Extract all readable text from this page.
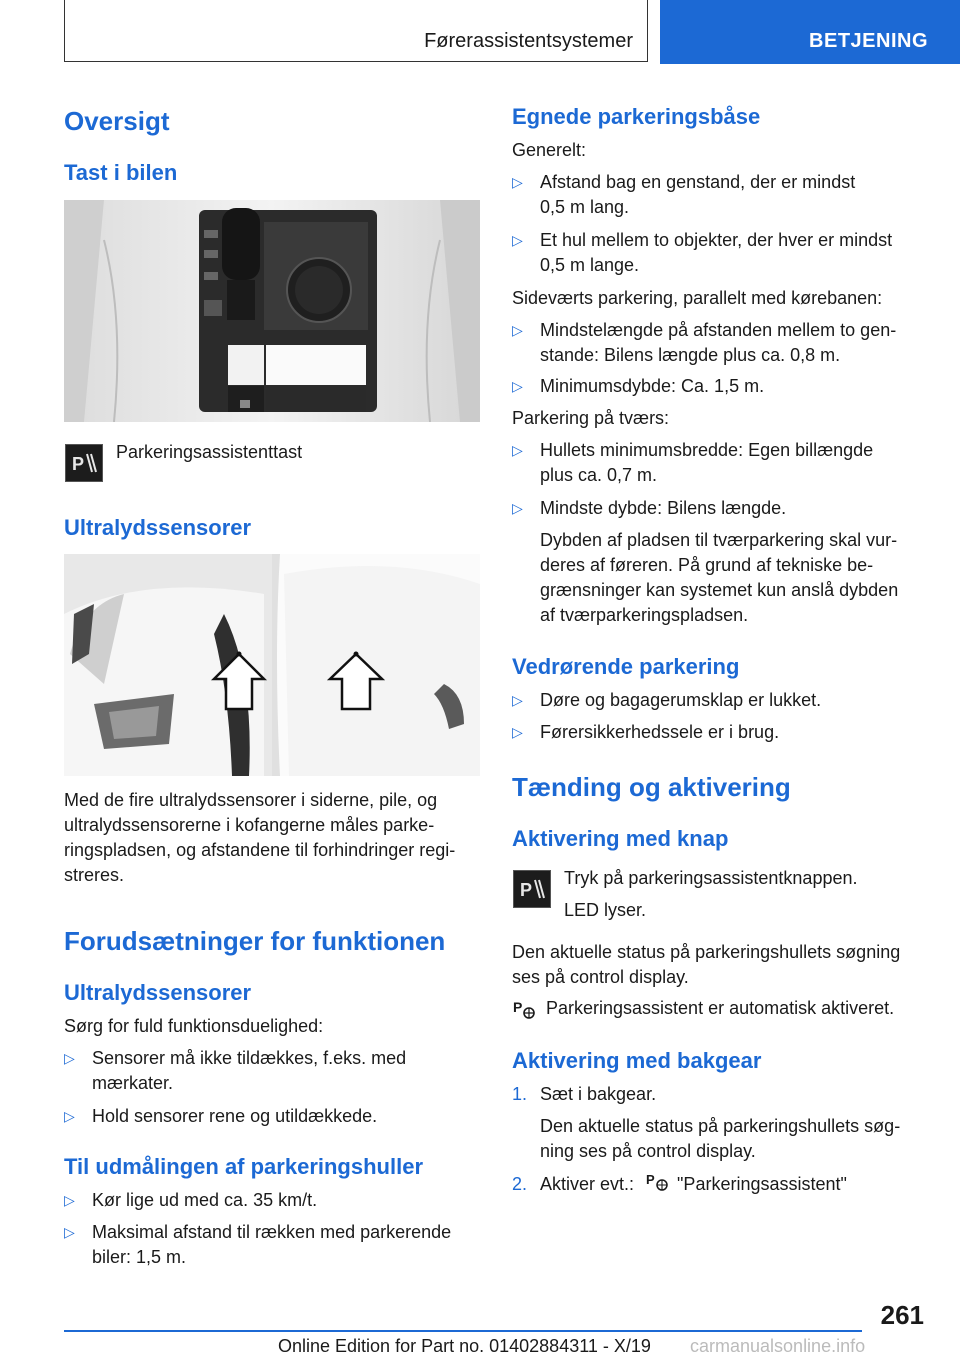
Førerassistentsystemer	BETJENING
Oversigt
Tast i bilen
P
Parkeringsassistenttast
Ultralydssensorer
Med de fire ultralydssensorer i siderne, pile, og
ultralydssensorerne i kofangerne måles parke‐
ringspladsen, og afstandene til forhindringer regi‐
streres.
Forudsætninger for funktionen
Ultralydssensorer
Sørg for fuld funktionsduelighed:
▷ Sensorer må ikke tildækkes, f.eks. med
mærkater.
▷ Hold sensorer rene og utildækkede.
Til udmålingen af parkeringshuller
▷ Kør lige ud med ca. 35 km/t.
▷ Maksimal afstand til rækken med parkerende
biler: 1,5 m.
Egnede parkeringsbåse
Generelt:
▷ Afstand bag en genstand, der er mindst
0,5 m lang.
▷ Et hul mellem to objekter, der hver er mindst
0,5 m lange.
Sideværts parkering, parallelt med kørebanen:
▷ Mindstelængde på afstanden mellem to gen‐
stande: Bilens længde plus ca. 0,8 m.
▷ Minimumsdybde: Ca. 1,5 m.
Parkering på tværs:
▷ Hullets minimumsbredde: Egen billængde
plus ca. 0,7 m.
▷ Mindste dybde: Bilens længde.
Dybden af pladsen til tværparkering skal vur‐
deres af føreren. På grund af tekniske be‐
grænsninger kan systemet kun anslå dybden
af tværparkeringspladsen.
Vedrørende parkering
▷ Døre og bagagerumsklap er lukket.
▷ Førersikkerhedssele er i brug.
Tænding og aktivering
Aktivering med knap
P
Tryk på parkeringsassistentknappen.
LED lyser.
Den aktuelle status på parkeringshullets søgning
ses på control display.
P Parkeringsassistent er automatisk aktiveret.
Aktivering med bakgear
1. Sæt i bakgear.
Den aktuelle status på parkeringshullets søg‐
ning ses på control display.
2. Aktiver evt.: P "Parkeringsassistent"
261
Online Edition for Part no. 01402884311 - X/19 carmanualsonline.info
